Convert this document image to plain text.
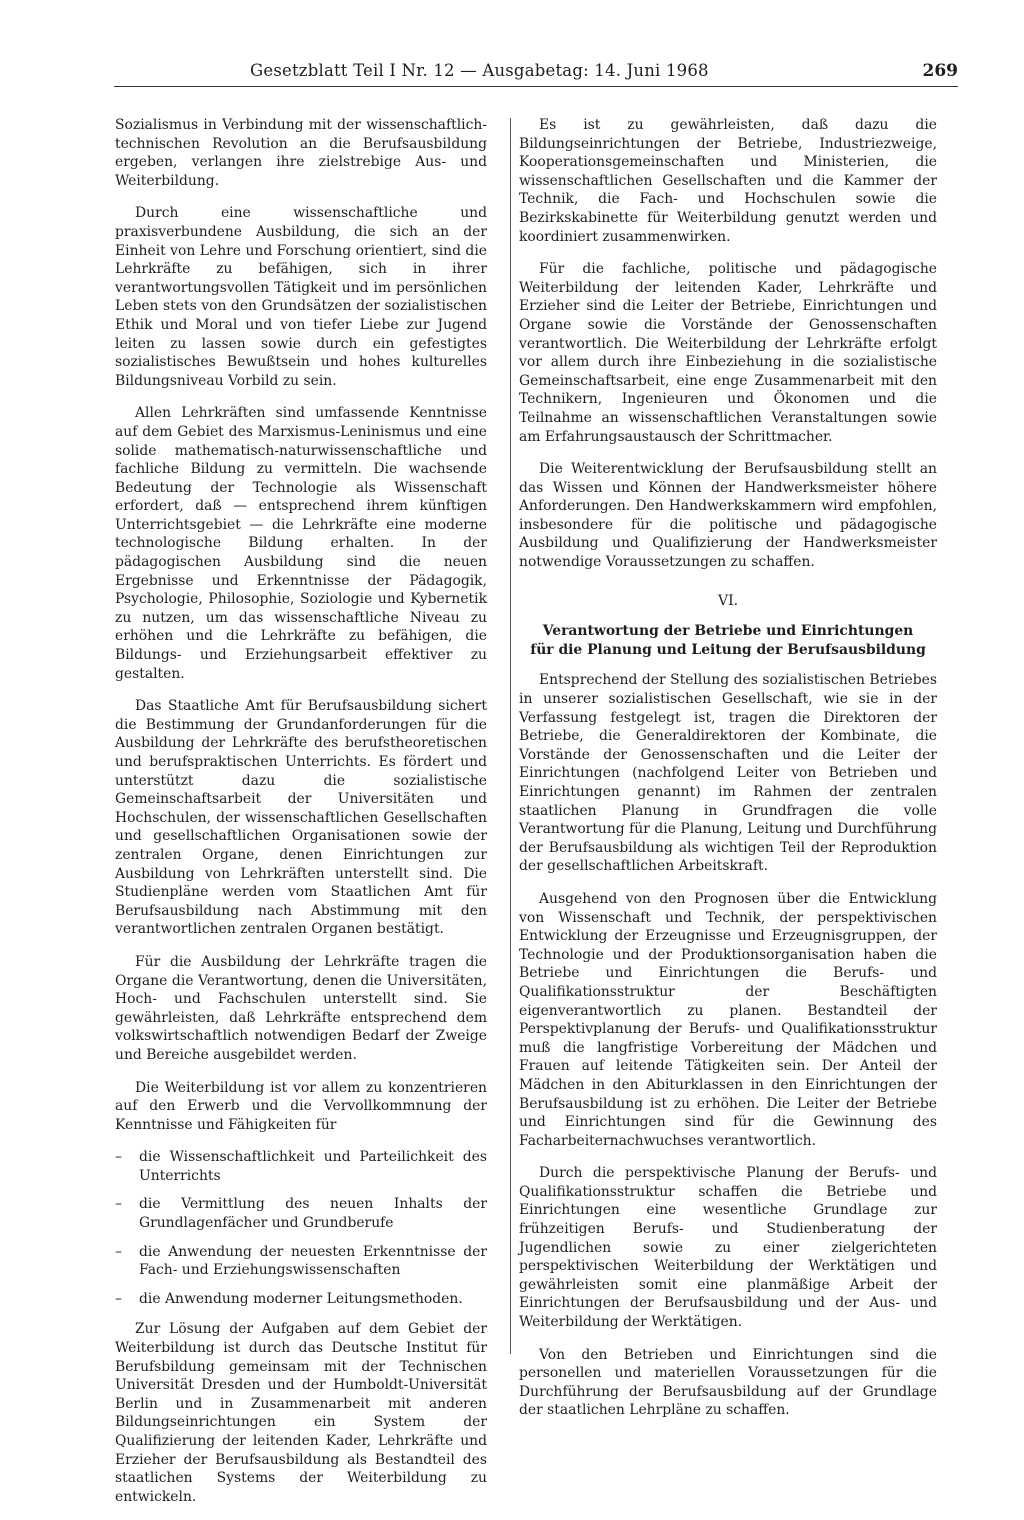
Gesetzblatt Teil I Nr. 12 — Ausgabetag: 14. Juni 1968	269

Sozialismus in Verbindung mit der wissenschaftlich-technischen Revolution an die Berufsausbildung ergeben, verlangen ihre zielstrebige Aus- und Weiterbildung.

Durch eine wissenschaftliche und praxisverbundene Ausbildung, die sich an der Einheit von Lehre und Forschung orientiert, sind die Lehrkräfte zu befähigen, sich in ihrer verantwortungsvollen Tätigkeit und im persönlichen Leben stets von den Grundsätzen der sozialistischen Ethik und Moral und von tiefer Liebe zur Jugend leiten zu lassen sowie durch ein gefestigtes sozialistisches Bewußtsein und hohes kulturelles Bildungsniveau Vorbild zu sein.

Allen Lehrkräften sind umfassende Kenntnisse auf dem Gebiet des Marxismus-Leninismus und eine solide mathematisch-naturwissenschaftliche und fachliche Bildung zu vermitteln. Die wachsende Bedeutung der Technologie als Wissenschaft erfordert, daß — entsprechend ihrem künftigen Unterrichtsgebiet — die Lehrkräfte eine moderne technologische Bildung erhalten. In der pädagogischen Ausbildung sind die neuen Ergebnisse und Erkenntnisse der Pädagogik, Psychologie, Philosophie, Soziologie und Kybernetik zu nutzen, um das wissenschaftliche Niveau zu erhöhen und die Lehrkräfte zu befähigen, die Bildungs- und Erziehungsarbeit effektiver zu gestalten.

Das Staatliche Amt für Berufsausbildung sichert die Bestimmung der Grundanforderungen für die Ausbildung der Lehrkräfte des berufstheoretischen und berufspraktischen Unterrichts. Es fördert und unterstützt dazu die sozialistische Gemeinschaftsarbeit der Universitäten und Hochschulen, der wissenschaftlichen Gesellschaften und gesellschaftlichen Organisationen sowie der zentralen Organe, denen Einrichtungen zur Ausbildung von Lehrkräften unterstellt sind. Die Studienpläne werden vom Staatlichen Amt für Berufsausbildung nach Abstimmung mit den verantwortlichen zentralen Organen bestätigt.

Für die Ausbildung der Lehrkräfte tragen die Organe die Verantwortung, denen die Universitäten, Hoch- und Fachschulen unterstellt sind. Sie gewährleisten, daß Lehrkräfte entsprechend dem volkswirtschaftlich notwendigen Bedarf der Zweige und Bereiche ausgebildet werden.

Die Weiterbildung ist vor allem zu konzentrieren auf den Erwerb und die Vervollkommnung der Kenntnisse und Fähigkeiten für

– die Wissenschaftlichkeit und Parteilichkeit des Unterrichts
– die Vermittlung des neuen Inhalts der Grundlagenfächer und Grundberufe
– die Anwendung der neuesten Erkenntnisse der Fach- und Erziehungswissenschaften
– die Anwendung moderner Leitungsmethoden.

Zur Lösung der Aufgaben auf dem Gebiet der Weiterbildung ist durch das Deutsche Institut für Berufsbildung gemeinsam mit der Technischen Universität Dresden und der Humboldt-Universität Berlin und in Zusammenarbeit mit anderen Bildungseinrichtungen ein System der Qualifizierung der leitenden Kader, Lehrkräfte und Erzieher der Berufsausbildung als Bestandteil des staatlichen Systems der Weiterbildung zu entwickeln.

Es ist zu gewährleisten, daß dazu die Bildungseinrichtungen der Betriebe, Industriezweige, Kooperationsgemeinschaften und Ministerien, die wissenschaftlichen Gesellschaften und die Kammer der Technik, die Fach- und Hochschulen sowie die Bezirkskabinette für Weiterbildung genutzt werden und koordiniert zusammenwirken.

Für die fachliche, politische und pädagogische Weiterbildung der leitenden Kader, Lehrkräfte und Erzieher sind die Leiter der Betriebe, Einrichtungen und Organe sowie die Vorstände der Genossenschaften verantwortlich. Die Weiterbildung der Lehrkräfte erfolgt vor allem durch ihre Einbeziehung in die sozialistische Gemeinschaftsarbeit, eine enge Zusammenarbeit mit den Technikern, Ingenieuren und Ökonomen und die Teilnahme an wissenschaftlichen Veranstaltungen sowie am Erfahrungsaustausch der Schrittmacher.

Die Weiterentwicklung der Berufsausbildung stellt an das Wissen und Können der Handwerksmeister höhere Anforderungen. Den Handwerkskammern wird empfohlen, insbesondere für die politische und pädagogische Ausbildung und Qualifizierung der Handwerksmeister notwendige Voraussetzungen zu schaffen.

VI.
Verantwortung der Betriebe und Einrichtungen
für die Planung und Leitung der Berufsausbildung

Entsprechend der Stellung des sozialistischen Betriebes in unserer sozialistischen Gesellschaft, wie sie in der Verfassung festgelegt ist, tragen die Direktoren der Betriebe, die Generaldirektoren der Kombinate, die Vorstände der Genossenschaften und die Leiter der Einrichtungen (nachfolgend Leiter von Betrieben und Einrichtungen genannt) im Rahmen der zentralen staatlichen Planung in Grundfragen die volle Verantwortung für die Planung, Leitung und Durchführung der Berufsausbildung als wichtigen Teil der Reproduktion der gesellschaftlichen Arbeitskraft.

Ausgehend von den Prognosen über die Entwicklung von Wissenschaft und Technik, der perspektivischen Entwicklung der Erzeugnisse und Erzeugnisgruppen, der Technologie und der Produktionsorganisation haben die Betriebe und Einrichtungen die Berufs- und Qualifikationsstruktur der Beschäftigten eigenverantwortlich zu planen. Bestandteil der Perspektivplanung der Berufs- und Qualifikationsstruktur muß die langfristige Vorbereitung der Mädchen und Frauen auf leitende Tätigkeiten sein. Der Anteil der Mädchen in den Abiturklassen in den Einrichtungen der Berufsausbildung ist zu erhöhen. Die Leiter der Betriebe und Einrichtungen sind für die Gewinnung des Facharbeiternachwuchses verantwortlich.

Durch die perspektivische Planung der Berufs- und Qualifikationsstruktur schaffen die Betriebe und Einrichtungen eine wesentliche Grundlage zur frühzeitigen Berufs- und Studienberatung der Jugendlichen sowie zu einer zielgerichteten perspektivischen Weiterbildung der Werktätigen und gewährleisten somit eine planmäßige Arbeit der Einrichtungen der Berufsausbildung und der Aus- und Weiterbildung der Werktätigen.

Von den Betrieben und Einrichtungen sind die personellen und materiellen Voraussetzungen für die Durchführung der Berufsausbildung auf der Grundlage der staatlichen Lehrpläne zu schaffen.
